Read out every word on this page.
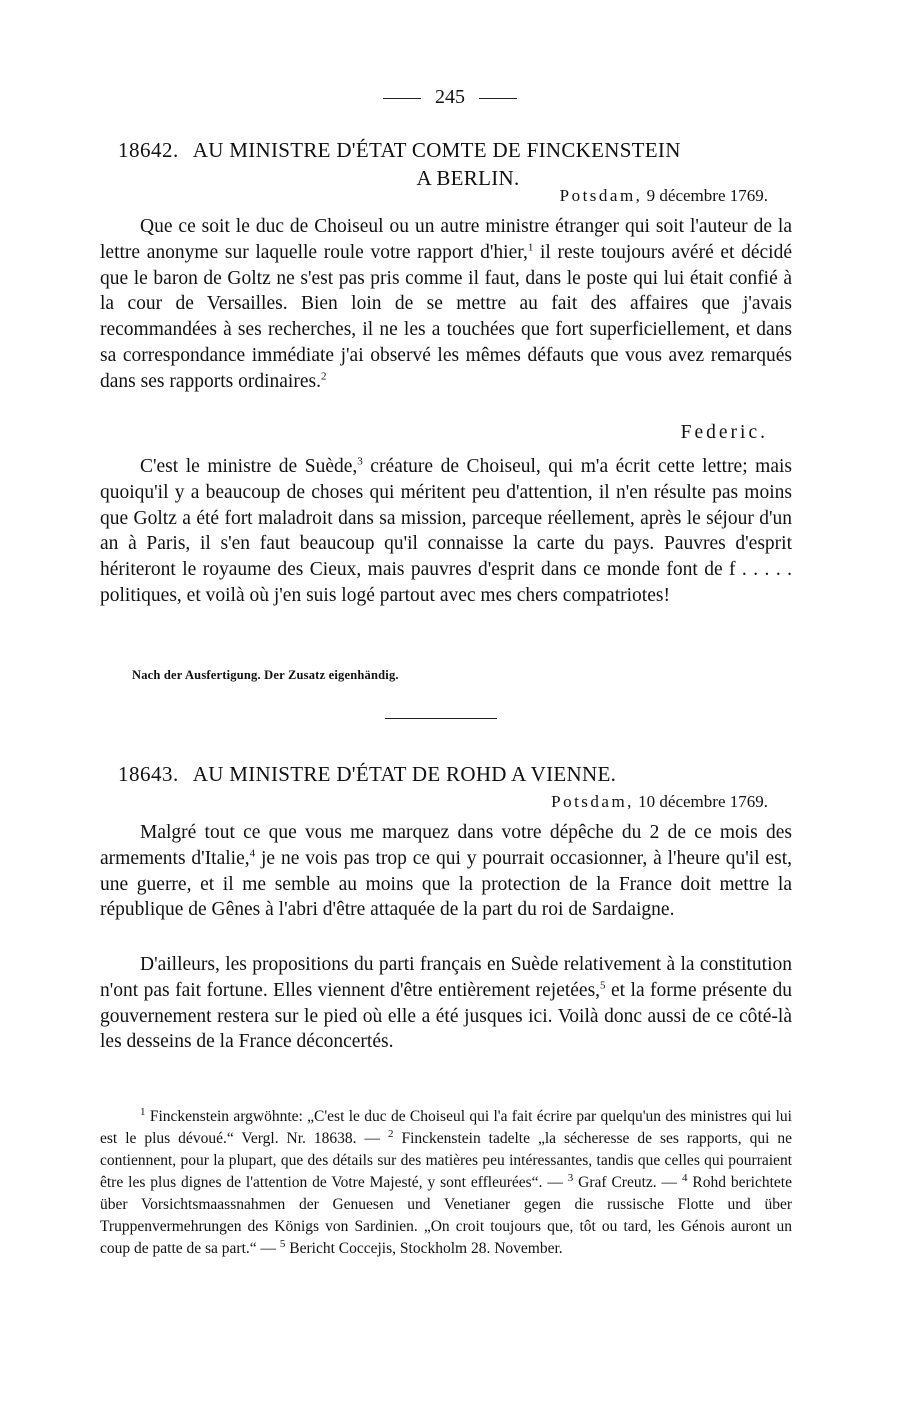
245
18642. AU MINISTRE D'ÉTAT COMTE DE FINCKENSTEIN
A BERLIN.
Potsdam, 9 décembre 1769.

Que ce soit le duc de Choiseul ou un autre ministre étranger qui soit l'auteur de la lettre anonyme sur laquelle roule votre rapport d'hier,$^1$ il reste toujours avéré et décidé que le baron de Goltz ne s'est pas pris comme il faut, dans le poste qui lui était confié à la cour de Versailles. Bien loin de se mettre au fait des affaires que j'avais recommandées à ses recherches, il ne les a touchées que fort superficiellement, et dans sa correspondance immédiate j'ai observé les mêmes défauts que vous avez remarqués dans ses rapports ordinaires.$^2$

Federic.

C'est le ministre de Suède,$^3$ créature de Choiseul, qui m'a écrit cette lettre; mais quoiqu'il y a beaucoup de choses qui méritent peu d'attention, il n'en résulte pas moins que Goltz a été fort maladroit dans sa mission, parceque réellement, après le séjour d'un an à Paris, il s'en faut beaucoup qu'il connaisse la carte du pays. Pauvres d'esprit hériteront le royaume des Cieux, mais pauvres d'esprit dans ce monde font de f . . . . . politiques, et voilà où j'en suis logé partout avec mes chers compatriotes!

Nach der Ausfertigung. Der Zusatz eigenhändig.
18643. AU MINISTRE D'ÉTAT DE ROHD A VIENNE.
Potsdam, 10 décembre 1769.

Malgré tout ce que vous me marquez dans votre dépêche du 2 de ce mois des armements d'Italie,$^4$ je ne vois pas trop ce qui y pourrait occasionner, à l'heure qu'il est, une guerre, et il me semble au moins que la protection de la France doit mettre la république de Gênes à l'abri d'être attaquée de la part du roi de Sardaigne.

D'ailleurs, les propositions du parti français en Suède relativement à la constitution n'ont pas fait fortune. Elles viennent d'être entièrement rejetées,$^5$ et la forme présente du gouvernement restera sur le pied où elle a été jusques ici. Voilà donc aussi de ce côté-là les desseins de la France déconcertés.

$^1$ Finckenstein argwöhnte: „C'est le duc de Choiseul qui l'a fait écrire par quelqu'un des ministres qui lui est le plus dévoué.“ Vergl. Nr. 18638. — $^2$ Finckenstein tadelte „la sécheresse de ses rapports, qui ne contiennent, pour la plupart, que des détails sur des matières peu intéressantes, tandis que celles qui pourraient être les plus dignes de l'attention de Votre Majesté, y sont effleurées“. — $^3$ Graf Creutz. — $^4$ Rohd berichtete über Vorsichtsmaassnahmen der Genuesen und Venetianer gegen die russische Flotte und über Truppenvermehrungen des Königs von Sardinien. „On croit toujours que, tôt ou tard, les Génois auront un coup de patte de sa part.“ — $^5$ Bericht Coccejis, Stockholm 28. November.
